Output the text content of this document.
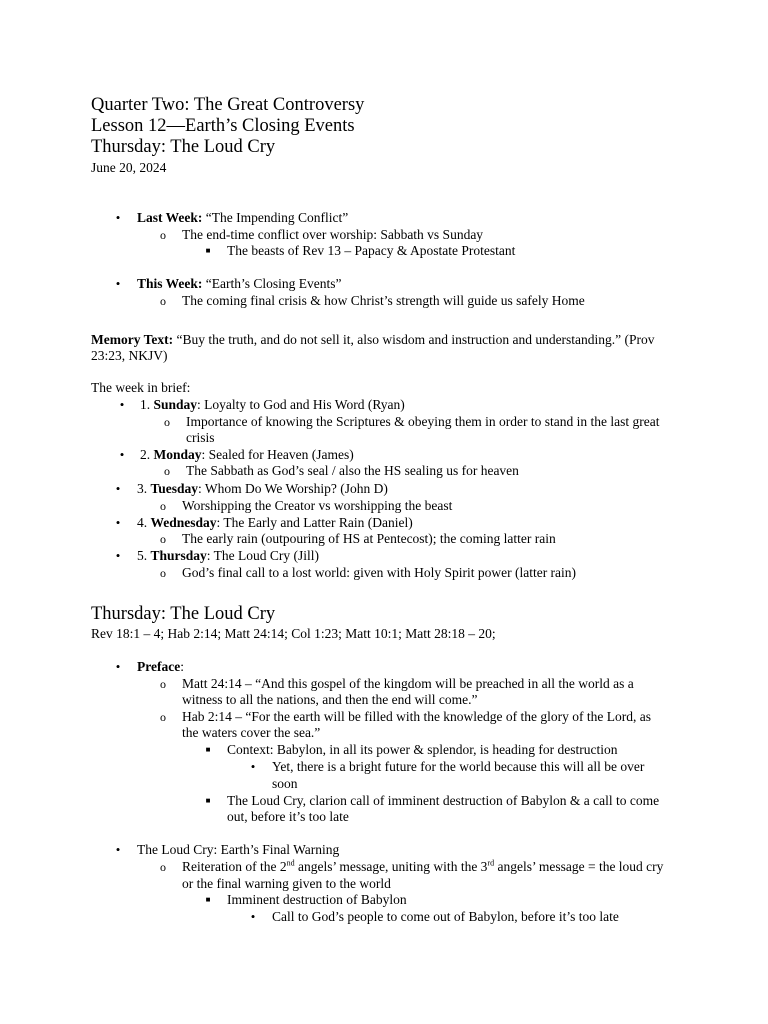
Quarter Two: The Great Controversy
Lesson 12—Earth’s Closing Events
Thursday: The Loud Cry
June 20, 2024
• Last Week: “The Impending Conflict”
o The end-time conflict over worship: Sabbath vs Sunday
■ The beasts of Rev 13 – Papacy & Apostate Protestant
• This Week: “Earth’s Closing Events”
o The coming final crisis & how Christ’s strength will guide us safely Home
Memory Text: “Buy the truth, and do not sell it, also wisdom and instruction and understanding.” (Prov
23:23, NKJV)
The week in brief:
• 1. Sunday: Loyalty to God and His Word (Ryan)
o Importance of knowing the Scriptures & obeying them in order to stand in the last great
crisis
• 2. Monday: Sealed for Heaven (James)
o The Sabbath as God’s seal / also the HS sealing us for heaven
• 3. Tuesday: Whom Do We Worship? (John D)
o Worshipping the Creator vs worshipping the beast
• 4. Wednesday: The Early and Latter Rain (Daniel)
o The early rain (outpouring of HS at Pentecost); the coming latter rain
• 5. Thursday: The Loud Cry (Jill)
o God’s final call to a lost world: given with Holy Spirit power (latter rain)
Thursday: The Loud Cry
Rev 18:1 – 4; Hab 2:14; Matt 24:14; Col 1:23; Matt 10:1; Matt 28:18 – 20;
• Preface:
o Matt 24:14 – “And this gospel of the kingdom will be preached in all the world as a
witness to all the nations, and then the end will come.”
o Hab 2:14 – “For the earth will be filled with the knowledge of the glory of the Lord, as
the waters cover the sea.”
■ Context: Babylon, in all its power & splendor, is heading for destruction
• Yet, there is a bright future for the world because this will all be over
soon
■ The Loud Cry, clarion call of imminent destruction of Babylon & a call to come
out, before it’s too late
• The Loud Cry: Earth’s Final Warning
o Reiteration of the 2nd angels’ message, uniting with the 3rd angels’ message = the loud cry
or the final warning given to the world
■ Imminent destruction of Babylon
• Call to God’s people to come out of Babylon, before it’s too late
